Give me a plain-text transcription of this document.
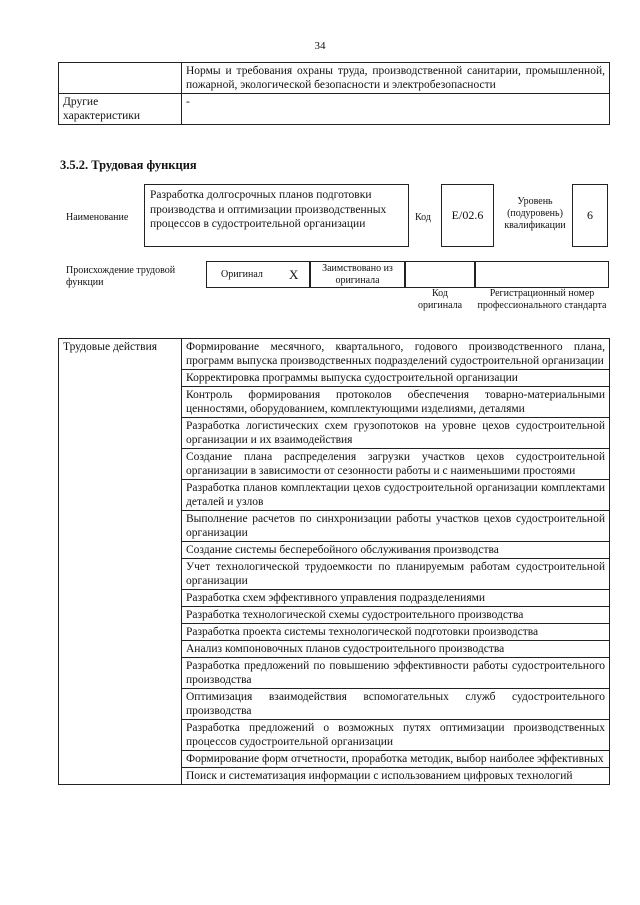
34
	Нормы и требования охраны труда, производственной санитарии, промышленной, пожарной, экологической безопасности и электробезопасности
Другие характеристики	-
3.5.2. Трудовая функция
Наименование
Разработка долгосрочных планов подготовки производства и оптимизации производственных процессов в судостроительной организации
Код	E/02.6
Уровень (подуровень) квалификации
6
Происхождение трудовой функции
Оригинал X	Заимствовано из оригинала
Код оригинала
Регистрационный номер профессионального стандарта
Трудовые действия	Формирование месячного, квартального, годового производственного плана, программ выпуска производственных подразделений судостроительной организации
Корректировка программы выпуска судостроительной организации
Контроль формирования протоколов обеспечения товарно-материальными ценностями, оборудованием, комплектующими изделиями, деталями
Разработка логистических схем грузопотоков на уровне цехов судостроительной организации и их взаимодействия
Создание плана распределения загрузки участков цехов судостроительной организации в зависимости от сезонности работы и с наименьшими простоями
Разработка планов комплектации цехов судостроительной организации комплектами деталей и узлов
Выполнение расчетов по синхронизации работы участков цехов судостроительной организации
Создание системы бесперебойного обслуживания производства
Учет технологической трудоемкости по планируемым работам судостроительной организации
Разработка схем эффективного управления подразделениями
Разработка технологической схемы судостроительного производства
Разработка проекта системы технологической подготовки производства
Анализ компоновочных планов судостроительного производства
Разработка предложений по повышению эффективности работы судостроительного производства
Оптимизация взаимодействия вспомогательных служб судостроительного производства
Разработка предложений о возможных путях оптимизации производственных процессов судостроительной организации
Формирование форм отчетности, проработка методик, выбор наиболее эффективных
Поиск и систематизация информации с использованием цифровых технологий
